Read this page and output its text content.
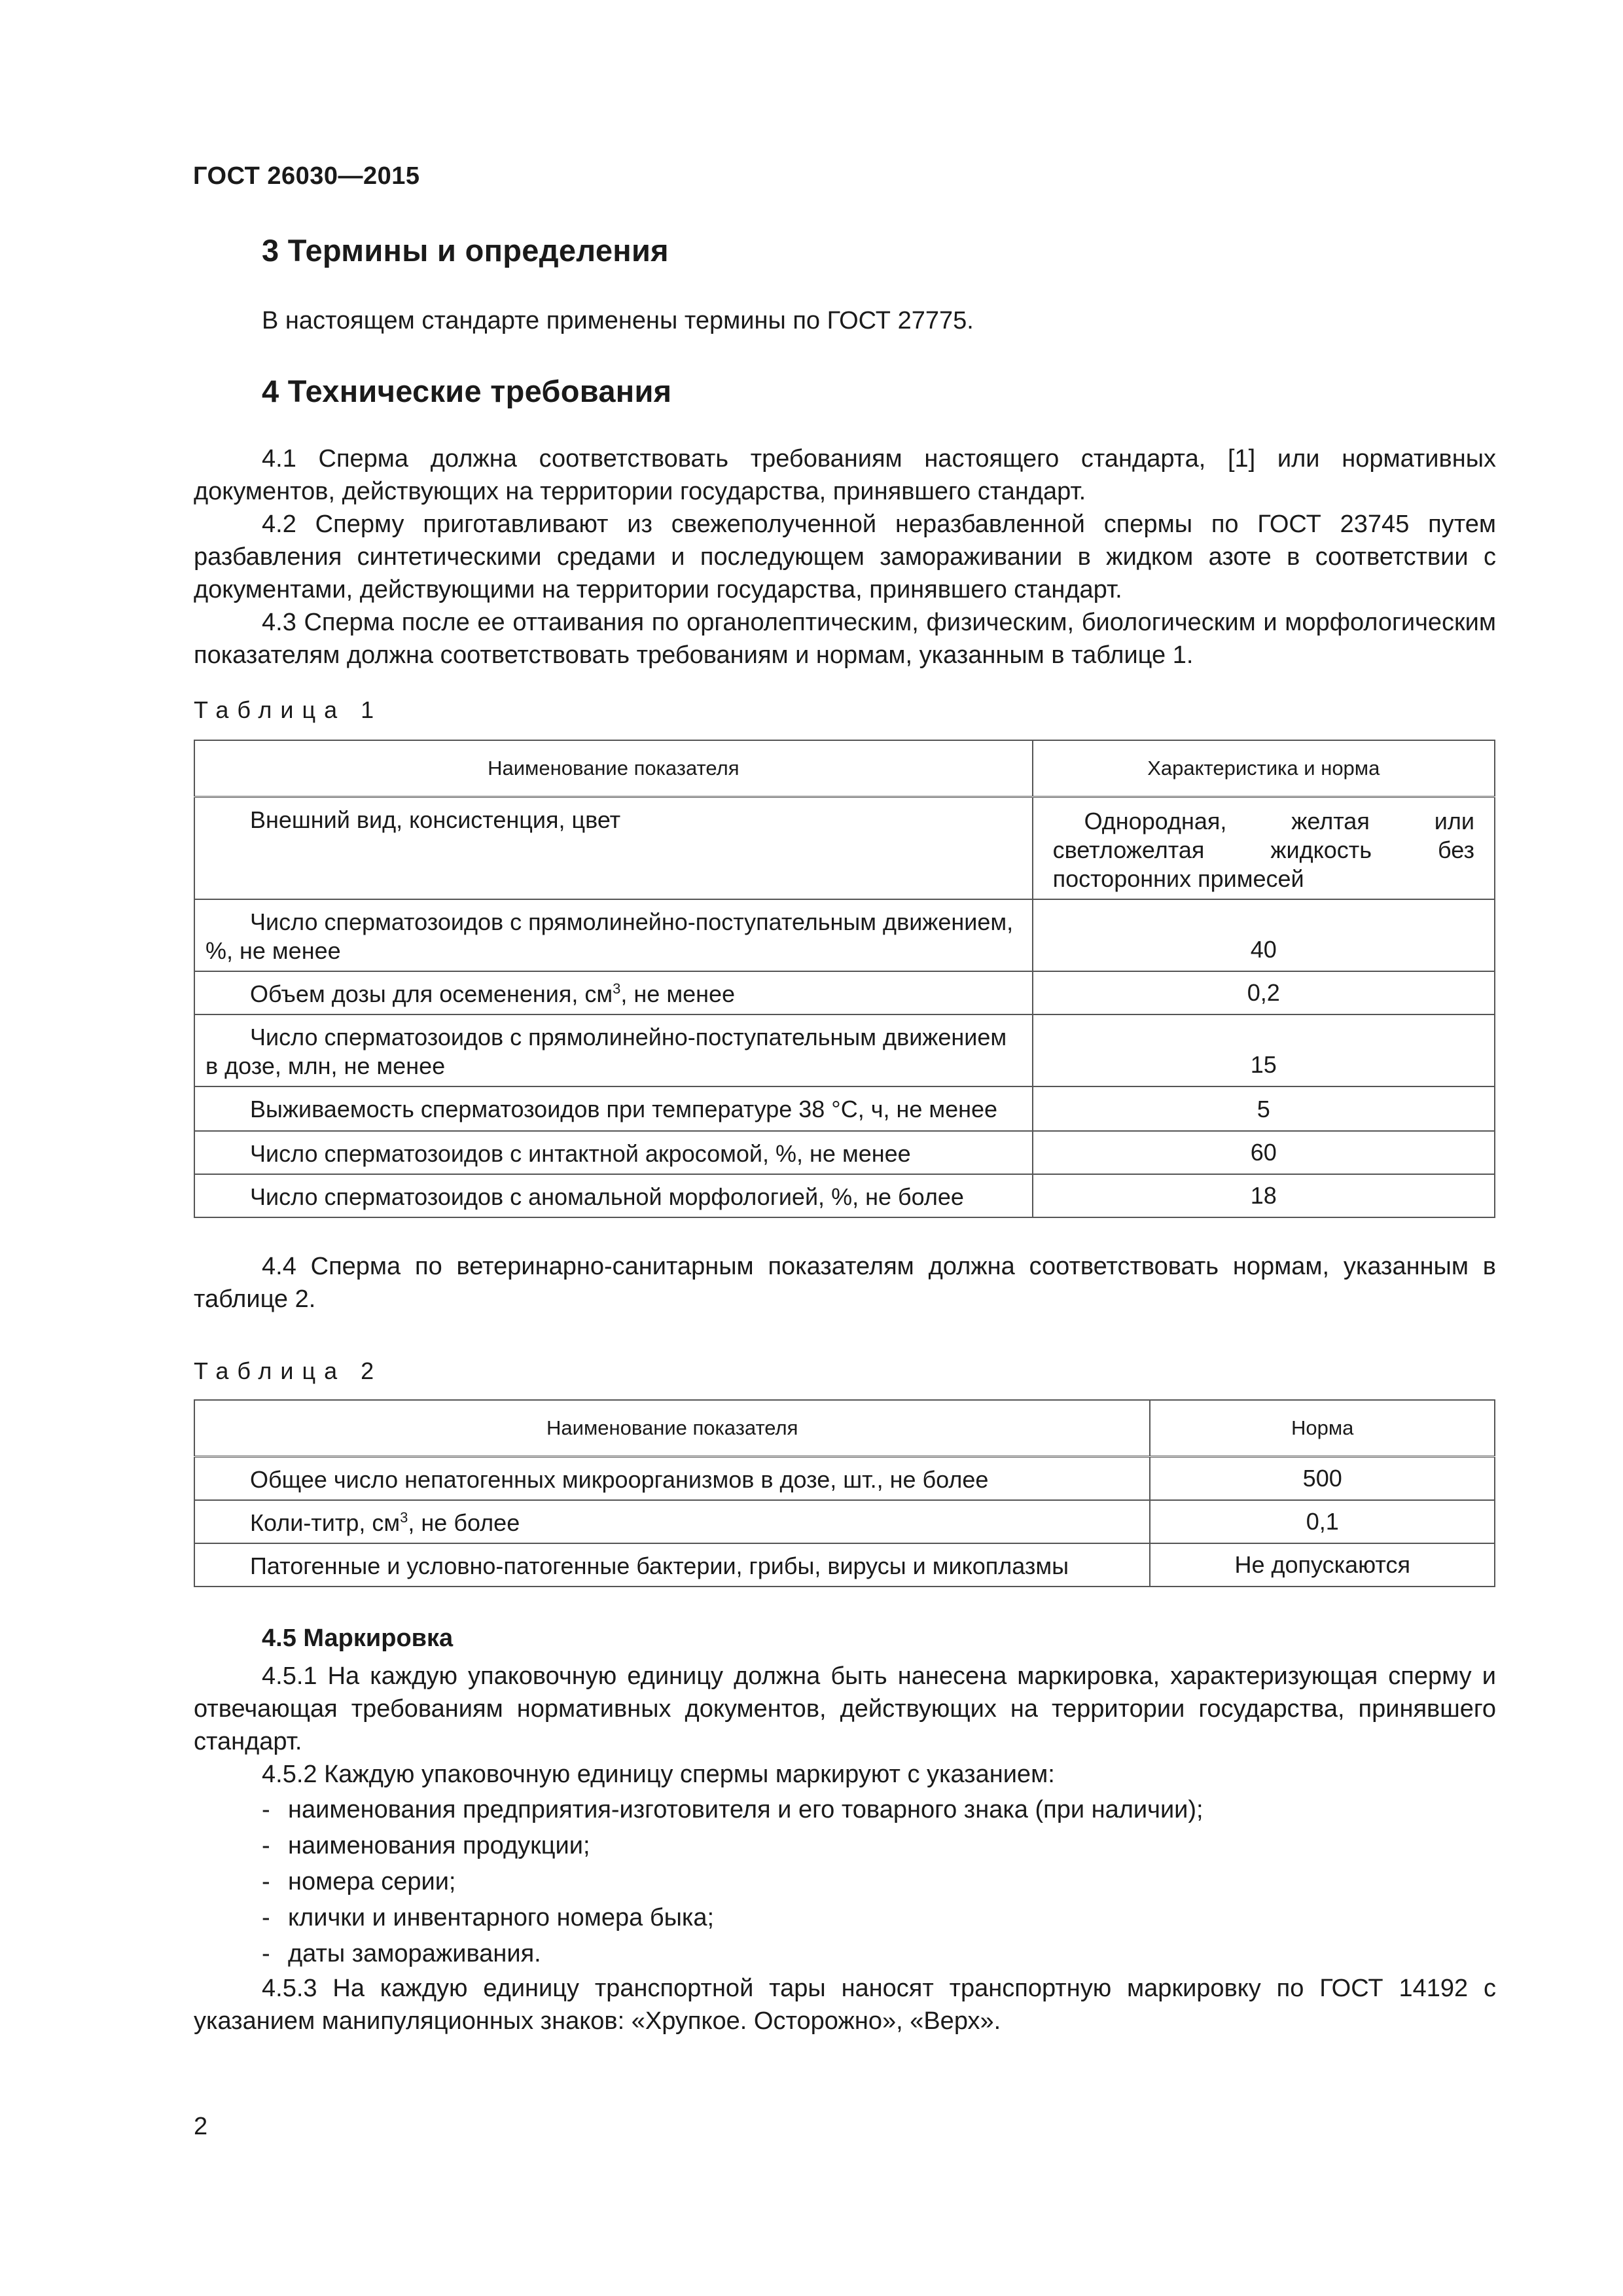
ГОСТ 26030—2015
3 Термины и определения
В настоящем стандарте применены термины по ГОСТ 27775.
4 Технические требования
4.1 Сперма должна соответствовать требованиям настоящего стандарта, [1] или нормативных документов, действующих на территории государства, принявшего стандарт.
4.2 Сперму приготавливают из свежеполученной неразбавленной спермы по ГОСТ 23745 путем разбавления синтетическими средами и последующем замораживании в жидком азоте в соответствии с документами, действующими на территории государства, принявшего стандарт.
4.3 Сперма после ее оттаивания по органолептическим, физическим, биологическим и морфологическим показателям должна соответствовать требованиям и нормам, указанным в таблице 1.
Таблица 1
Наименование показателя	Характеристика и норма
Внешний вид, консистенция, цвет	Однородная, желтая или светложелтая жидкость без посторонних примесей
Число сперматозоидов с прямолинейно-поступательным движением, %, не менее	40
Объем дозы для осеменения, $см^3$, не менее	0,2
Число сперматозоидов с прямолинейно-поступательным движением в дозе, млн, не менее	15
Выживаемость сперматозоидов при температуре 38 °С, ч, не менее	5
Число сперматозоидов с интактной акросомой, %, не менее	60
Число сперматозоидов с аномальной морфологией, %, не более	18
4.4 Сперма по ветеринарно-санитарным показателям должна соответствовать нормам, указанным в таблице 2.
Таблица 2
Наименование показателя	Норма
Общее число непатогенных микроорганизмов в дозе, шт., не более	500
Коли-титр, $см^3$, не более	0,1
Патогенные и условно-патогенные бактерии, грибы, вирусы и микоплазмы	Не допускаются
4.5 Маркировка
4.5.1 На каждую упаковочную единицу должна быть нанесена маркировка, характеризующая сперму и отвечающая требованиям нормативных документов, действующих на территории государства, принявшего стандарт.
4.5.2 Каждую упаковочную единицу спермы маркируют с указанием:
- наименования предприятия-изготовителя и его товарного знака (при наличии);
- наименования продукции;
- номера серии;
- клички и инвентарного номера быка;
- даты замораживания.
4.5.3 На каждую единицу транспортной тары наносят транспортную маркировку по ГОСТ 14192 с указанием манипуляционных знаков: «Хрупкое. Осторожно», «Верх».
2
